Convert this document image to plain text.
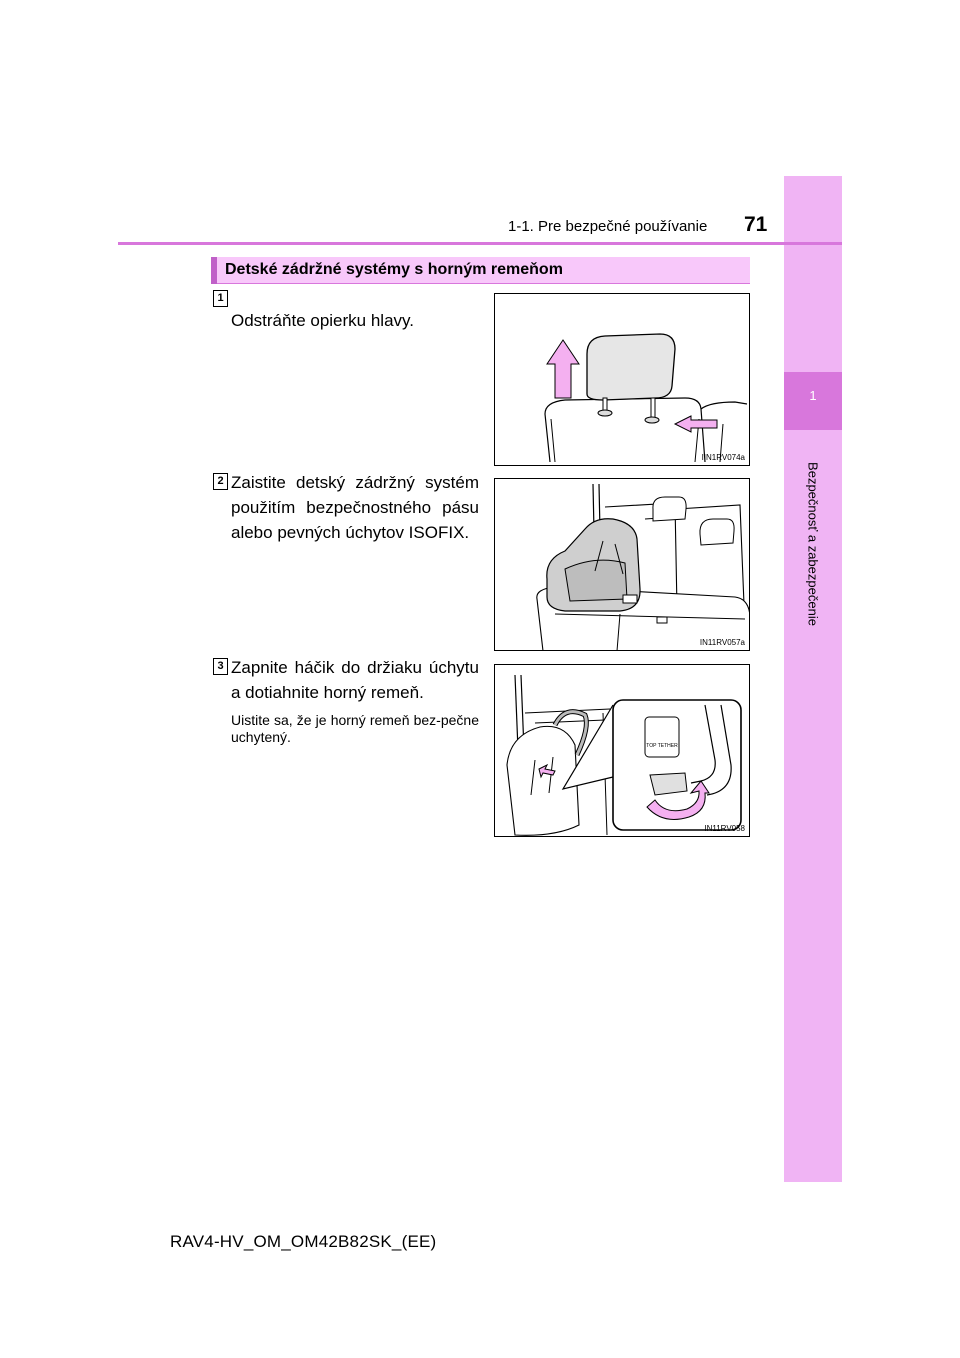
1
Bezpečnosť a zabezpečenie
1-1. Pre bezpečné používanie 71
Detské zádržné systémy s horným remeňom
1
Odstráňte opierku hlavy.
IIN1RV074a
2 Zaistite detský zádržný systém použitím bezpečnostného pásu alebo pevných úchytov ISOFIX.
IN11RV057a
3 Zapnite háčik do držiaku úchytu a dotiahnite horný remeň.
Uistite sa, že je horný remeň bez-pečne uchytený.
TOP TETHER
IN11RV058
RAV4-HV_OM_OM42B82SK_(EE)
